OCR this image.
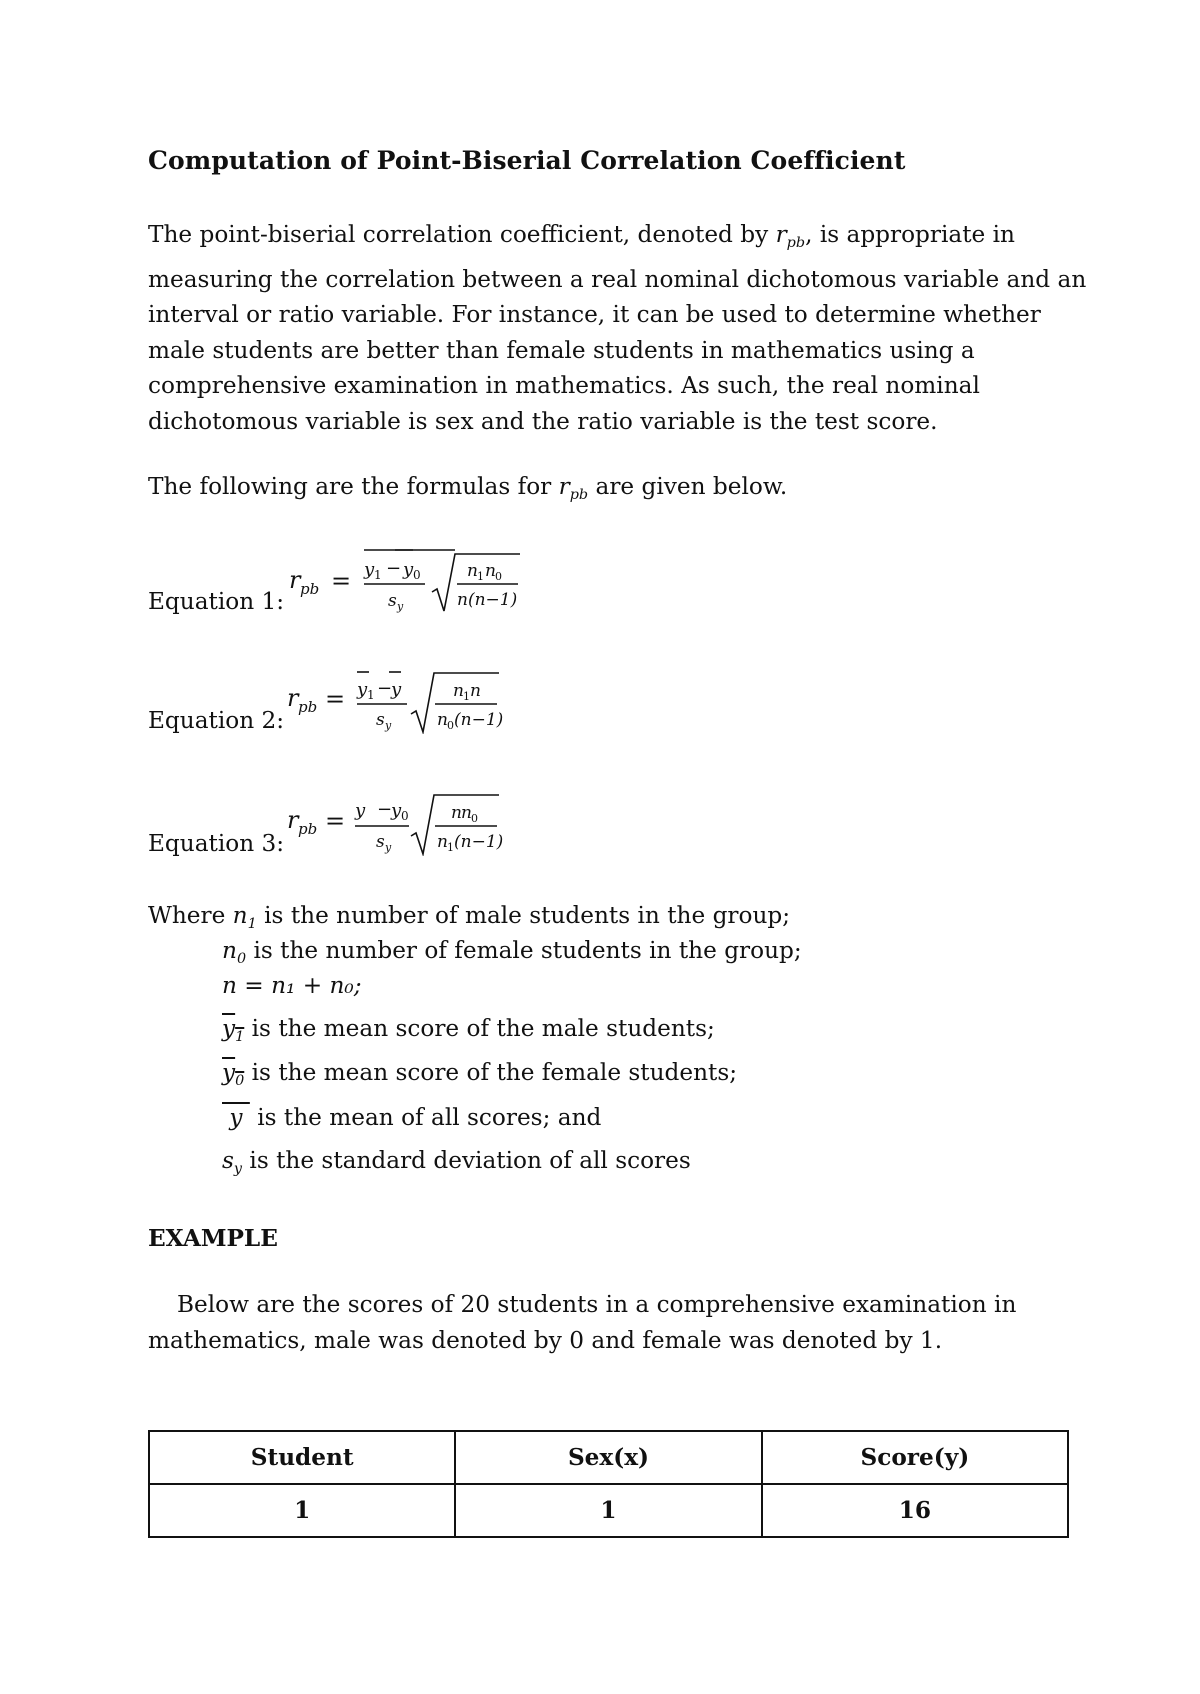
Computation of Point-Biserial Correlation Coefficient
The point-biserial correlation coefficient, denoted by $r_{pb}$, is appropriate in measuring the correlation between a real nominal dichotomous variable and an interval or ratio variable. For instance, it can be used to determine whether male students are better than female students in mathematics using a comprehensive examination in mathematics. As such, the real nominal dichotomous variable is sex and the ratio variable is the test score.
The following are the formulas for $r_{pb}$ are given below.
Equation 1:
r pb = y 1 − y 0
s y
n 1 n 0
n(n−1)
Equation 2:
r pb = y 1 −
y
s y
n 1 n
n 0 (n−1)
Equation 3:
r pb = y −
y 0
s y
n n 0
n 1 (n−1)
Where $n_1$ is the number of male students in the group;
$n_0$ is the number of female students in the group;
n = n₁ + n₀;
$y_1$ is the mean score of the male students;
$y_0$ is the mean score of the female students;
y  is the mean of all scores; and
$s_y$ is the standard deviation of all scores
EXAMPLE
Below are the scores of 20 students in a comprehensive examination in mathematics, male was denoted by 0 and female was denoted by 1.
Student	Sex(x)	Score(y)
1	1	16
